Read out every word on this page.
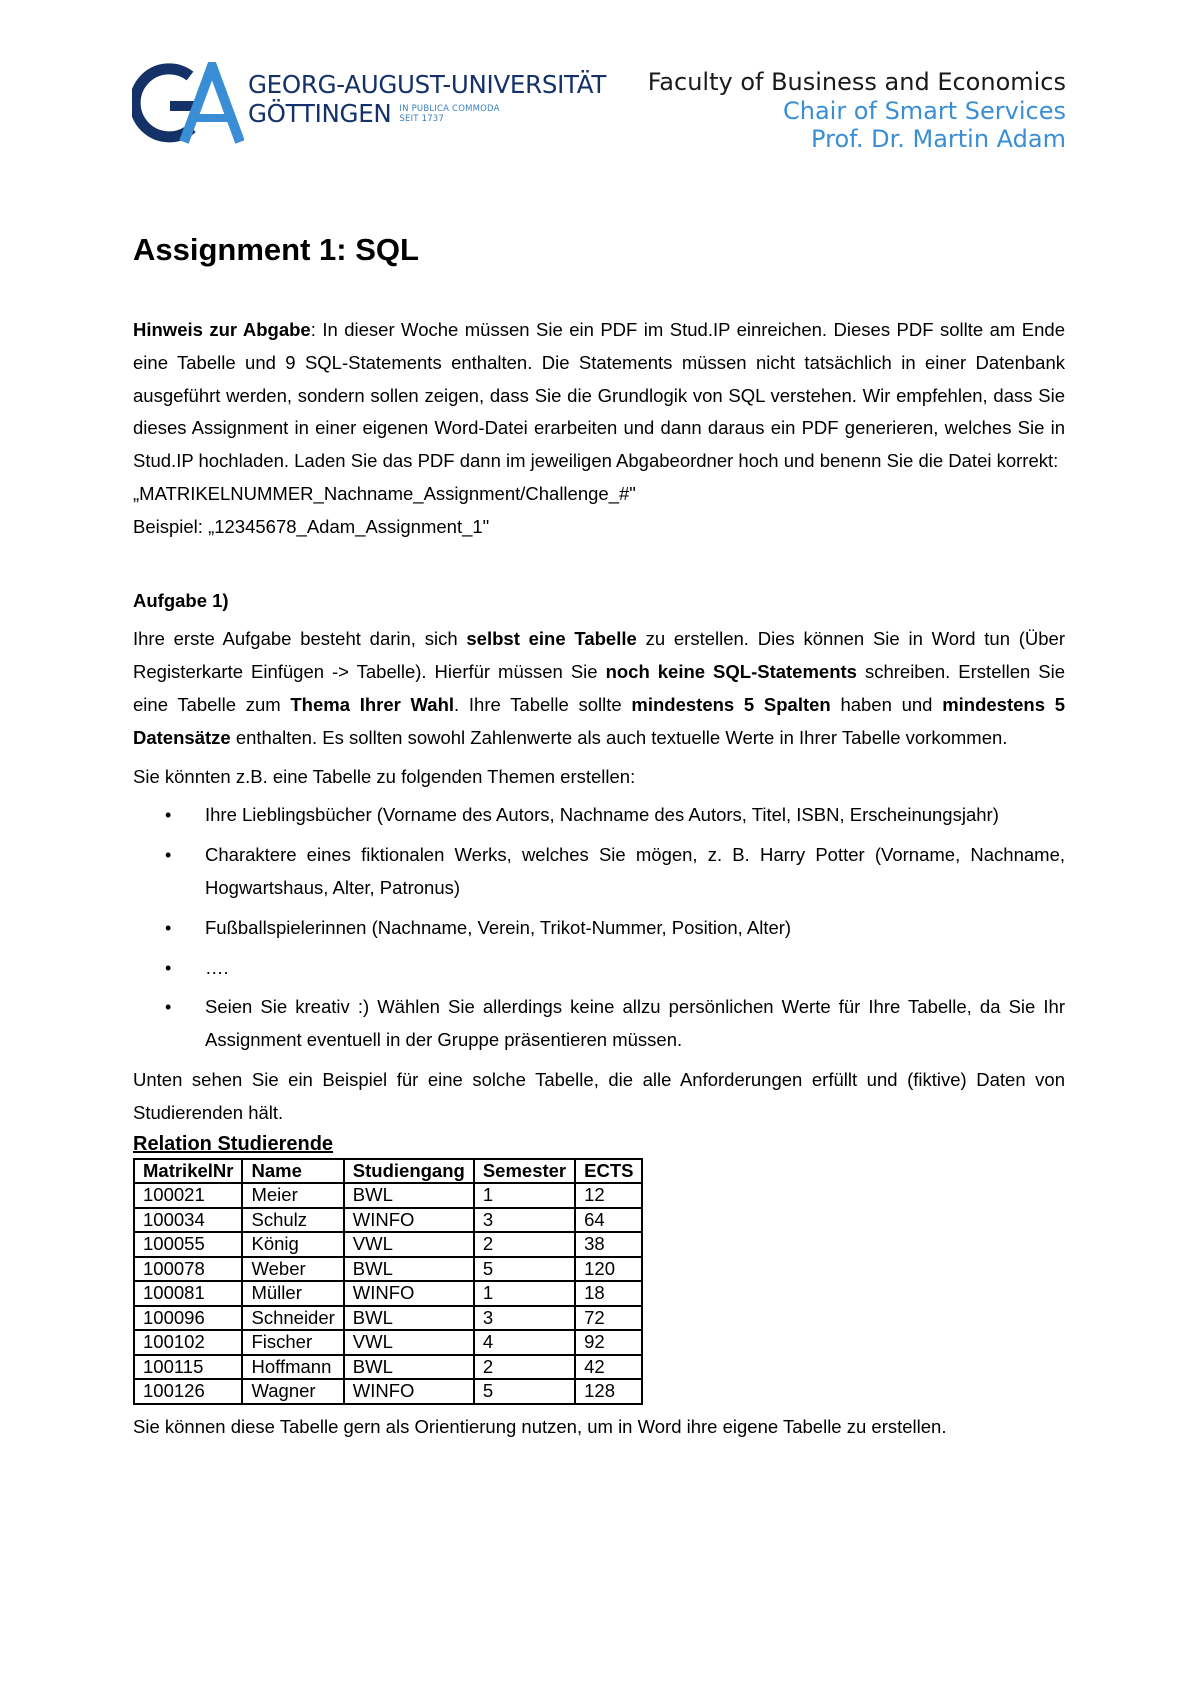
GEORG-AUGUST-UNIVERSITÄT
GÖTTINGEN IN PUBLICA COMMODA
SEIT 1737
Faculty of Business and Economics
Chair of Smart Services
Prof. Dr. Martin Adam
Assignment 1: SQL

Hinweis zur Abgabe: In dieser Woche müssen Sie ein PDF im Stud.IP einreichen. Dieses PDF sollte am Ende eine Tabelle und 9 SQL-Statements enthalten. Die Statements müssen nicht tatsächlich in einer Datenbank ausgeführt werden, sondern sollen zeigen, dass Sie die Grundlogik von SQL verstehen. Wir empfehlen, dass Sie dieses Assignment in einer eigenen Word-Datei erarbeiten und dann daraus ein PDF generieren, welches Sie in Stud.IP hochladen. Laden Sie das PDF dann im jeweiligen Abgabeordner hoch und benenn Sie die Datei korrekt:

„MATRIKELNUMMER_Nachname_Assignment/Challenge_#"

Beispiel: „12345678_Adam_Assignment_1"

Aufgabe 1)

Ihre erste Aufgabe besteht darin, sich selbst eine Tabelle zu erstellen. Dies können Sie in Word tun (Über Registerkarte Einfügen -> Tabelle). Hierfür müssen Sie noch keine SQL-Statements schreiben. Erstellen Sie eine Tabelle zum Thema Ihrer Wahl. Ihre Tabelle sollte mindestens 5 Spalten haben und mindestens 5 Datensätze enthalten. Es sollten sowohl Zahlenwerte als auch textuelle Werte in Ihrer Tabelle vorkommen.

Sie könnten z.B. eine Tabelle zu folgenden Themen erstellen:

• Ihre Lieblingsbücher (Vorname des Autors, Nachname des Autors, Titel, ISBN, Erscheinungsjahr)
• Charaktere eines fiktionalen Werks, welches Sie mögen, z. B. Harry Potter (Vorname, Nachname, Hogwartshaus, Alter, Patronus)
• Fußballspielerinnen (Nachname, Verein, Trikot-Nummer, Position, Alter)
• ….
• Seien Sie kreativ :) Wählen Sie allerdings keine allzu persönlichen Werte für Ihre Tabelle, da Sie Ihr Assignment eventuell in der Gruppe präsentieren müssen.

Unten sehen Sie ein Beispiel für eine solche Tabelle, die alle Anforderungen erfüllt und (fiktive) Daten von Studierenden hält.

Relation Studierende

MatrikelNr	Name	Studiengang	Semester	ECTS
100021	Meier	BWL	1	12
100034	Schulz	WINFO	3	64
100055	König	VWL	2	38
100078	Weber	BWL	5	120
100081	Müller	WINFO	1	18
100096	Schneider	BWL	3	72
100102	Fischer	VWL	4	92
100115	Hoffmann	BWL	2	42
100126	Wagner	WINFO	5	128

Sie können diese Tabelle gern als Orientierung nutzen, um in Word ihre eigene Tabelle zu erstellen.
